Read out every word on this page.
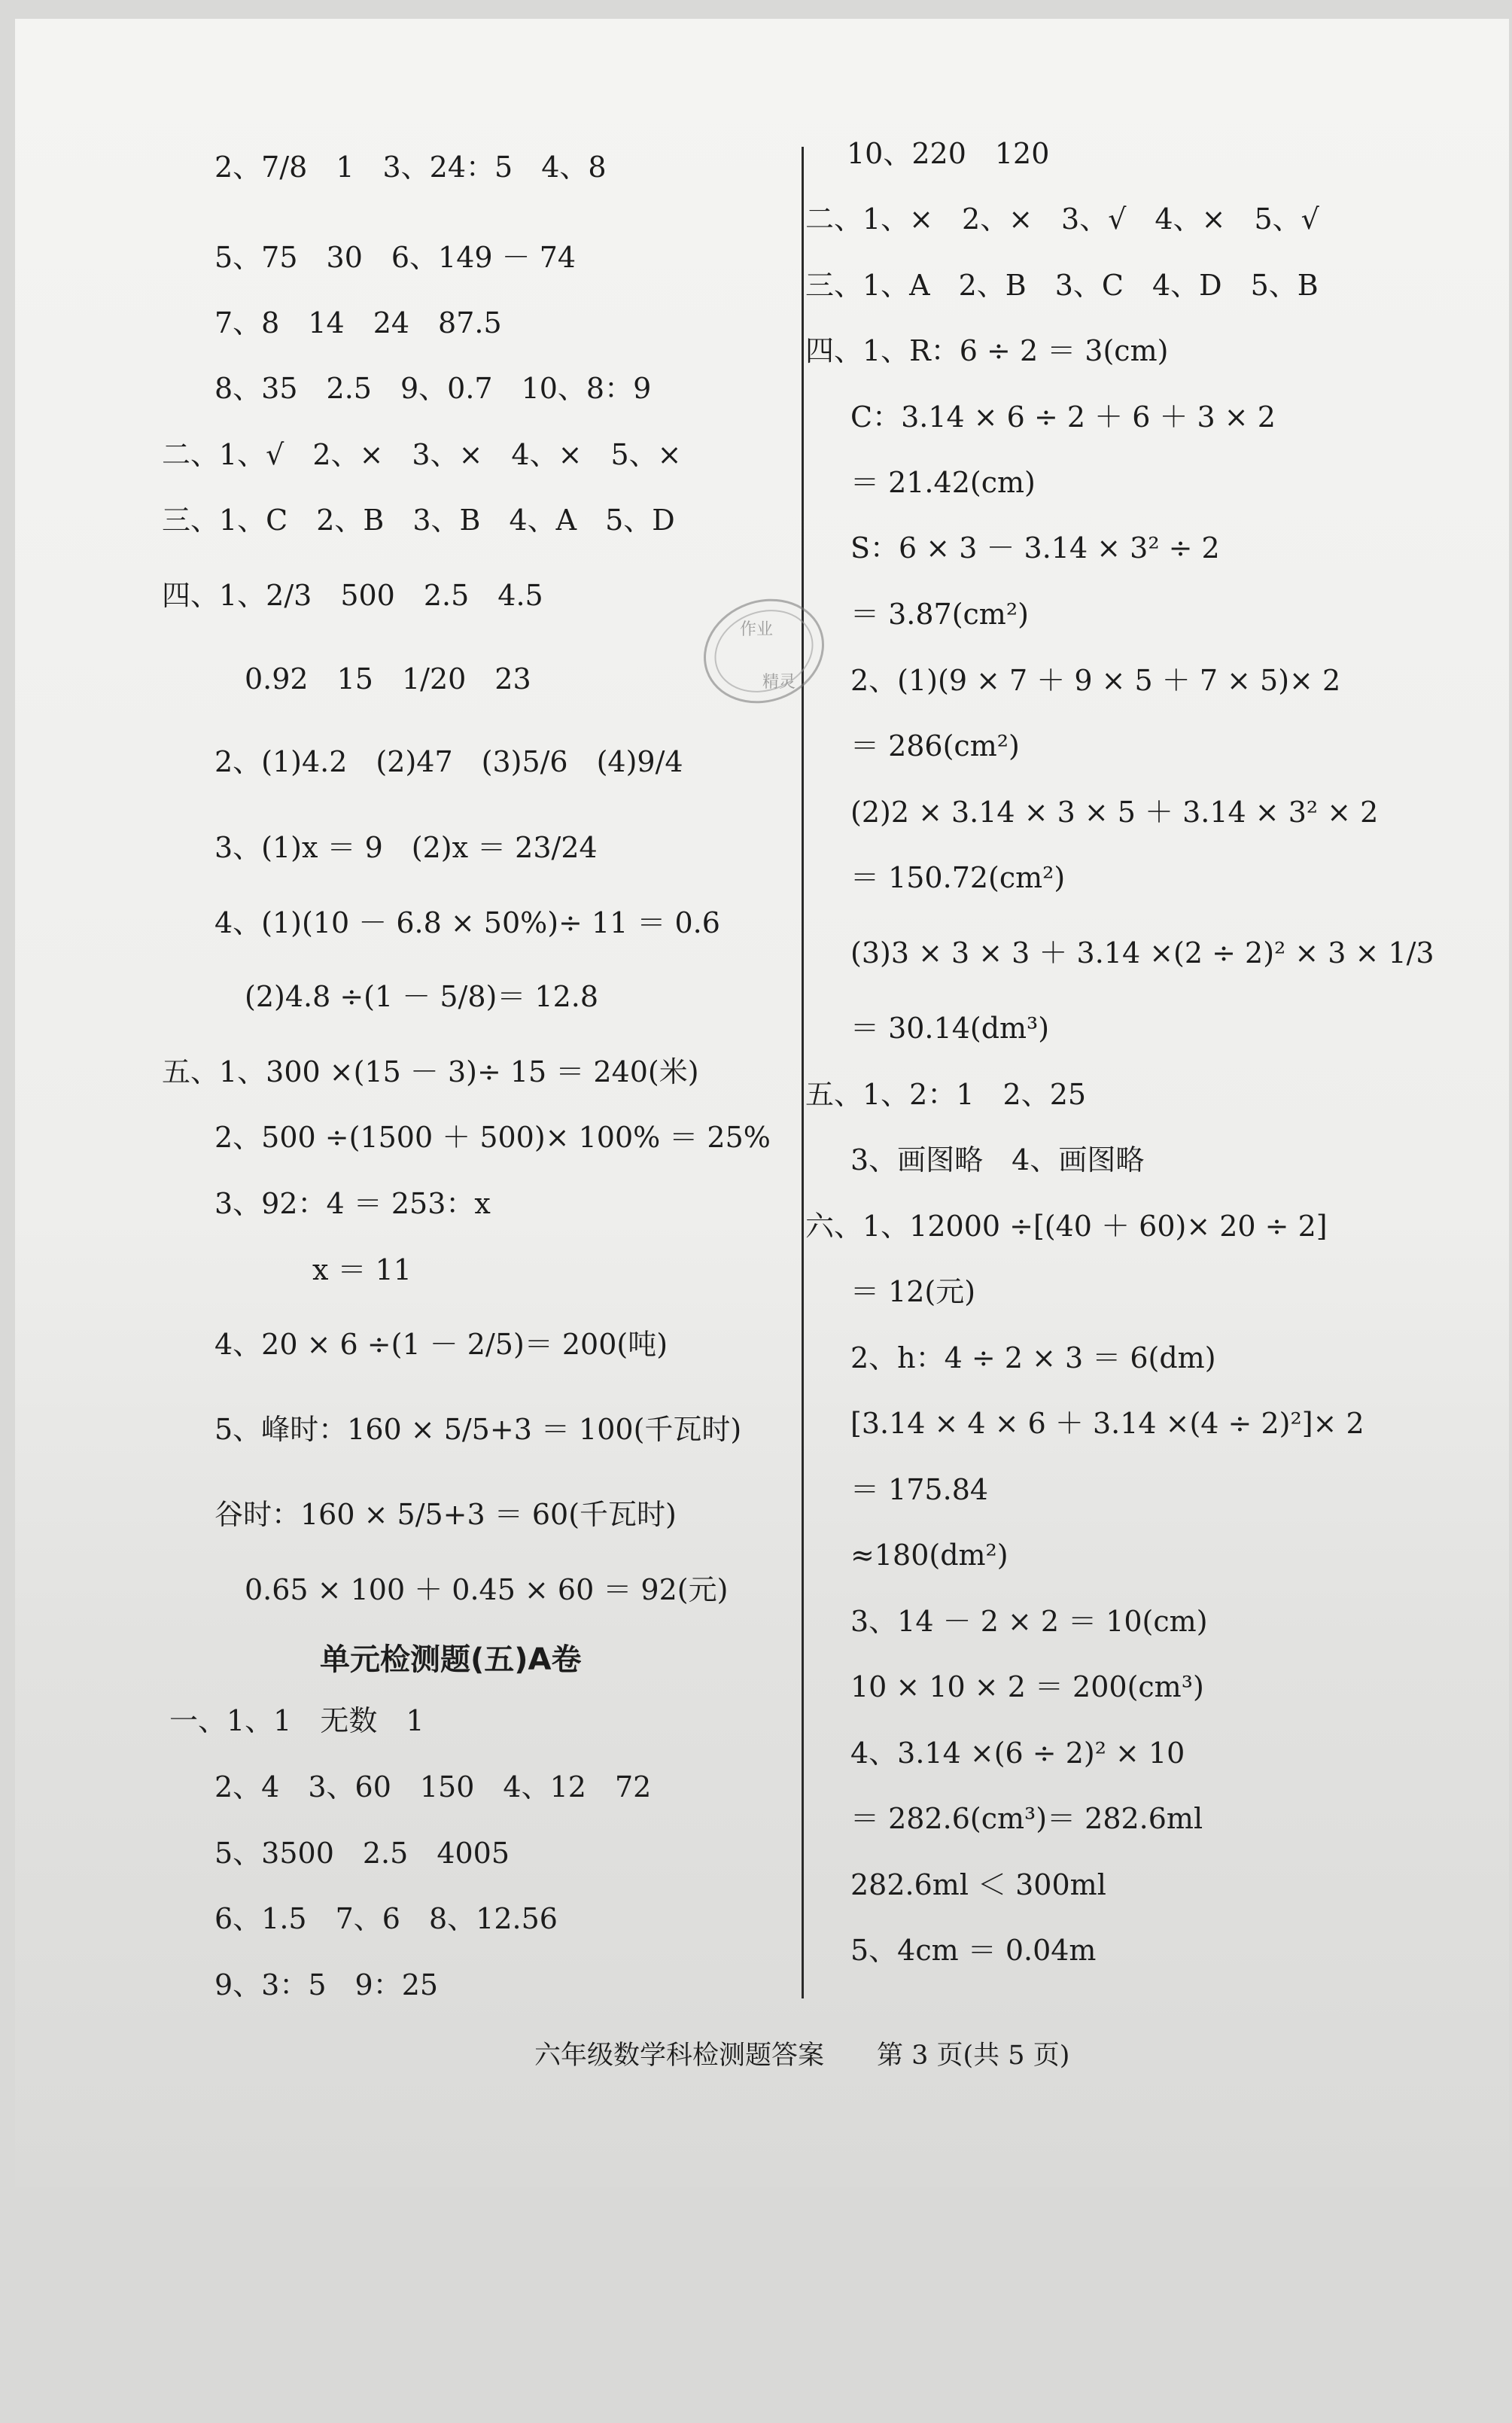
2、7/8　1　3、24：5　4、8
5、75　30　6、149 － 74
7、8　14　24　87.5
8、35　2.5　9、0.7　10、8：9
二、1、√　2、×　3、×　4、×　5、×
三、1、C　2、B　3、B　4、A　5、D
四、1、2/3　500　2.5　4.5
0.92　15　1/20　23
2、(1)4.2　(2)47　(3)5/6　(4)9/4
3、(1)x ＝ 9　(2)x ＝ 23/24
4、(1)(10 － 6.8 × 50%)÷ 11 ＝ 0.6
(2)4.8 ÷(1 － 5/8)＝ 12.8
五、1、300 ×(15 － 3)÷ 15 ＝ 240(米)
2、500 ÷(1500 ＋ 500)× 100% ＝ 25%
3、92：4 ＝ 253：x
x ＝ 11
4、20 × 6 ÷(1 － 2/5)＝ 200(吨)
5、峰时：160 × 5/5+3 ＝ 100(千瓦时)
谷时：160 × 5/5+3 ＝ 60(千瓦时)
0.65 × 100 ＋ 0.45 × 60 ＝ 92(元)
单元检测题(五)A卷
一、1、1　无数　1
2、4　3、60　150　4、12　72
5、3500　2.5　4005
6、1.5　7、6　8、12.56
9、3：5　9：25
10、220　120
二、1、×　2、×　3、√　4、×　5、√
三、1、A　2、B　3、C　4、D　5、B
四、1、R：6 ÷ 2 ＝ 3(cm)
C：3.14 × 6 ÷ 2 ＋ 6 ＋ 3 × 2
＝ 21.42(cm)
S：6 × 3 － 3.14 × 3² ÷ 2
＝ 3.87(cm²)
2、(1)(9 × 7 ＋ 9 × 5 ＋ 7 × 5)× 2
＝ 286(cm²)
(2)2 × 3.14 × 3 × 5 ＋ 3.14 × 3² × 2
＝ 150.72(cm²)
(3)3 × 3 × 3 ＋ 3.14 ×(2 ÷ 2)² × 3 × 1/3
＝ 30.14(dm³)
五、1、2：1　2、25
3、画图略　4、画图略
六、1、12000 ÷[(40 ＋ 60)× 20 ÷ 2]
＝ 12(元)
2、h：4 ÷ 2 × 3 ＝ 6(dm)
[3.14 × 4 × 6 ＋ 3.14 ×(4 ÷ 2)²]× 2
＝ 175.84
≈180(dm²)
3、14 － 2 × 2 ＝ 10(cm)
10 × 10 × 2 ＝ 200(cm³)
4、3.14 ×(6 ÷ 2)² × 10
＝ 282.6(cm³)＝ 282.6ml
282.6ml ＜ 300ml
5、4cm ＝ 0.04m
作业
精灵
六年级数学科检测题答案　　第 3 页(共 5 页)
